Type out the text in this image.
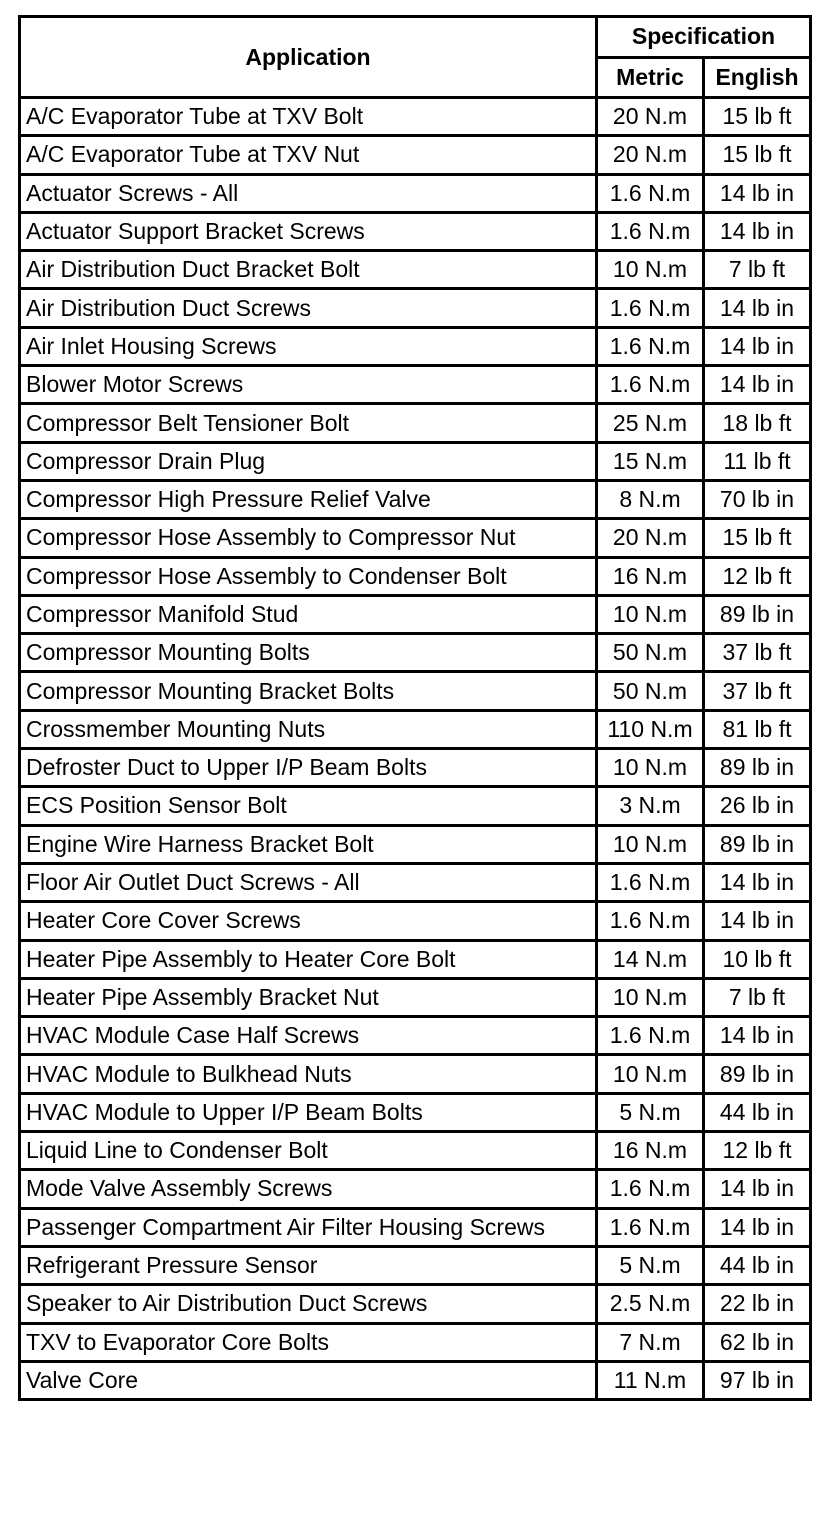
Application	Specification	
	Metric	English
A/C Evaporator Tube at TXV Bolt	20 N.m	15 lb ft
A/C Evaporator Tube at TXV Nut	20 N.m	15 lb ft
Actuator Screws - All	1.6 N.m	14 lb in
Actuator Support Bracket Screws	1.6 N.m	14 lb in
Air Distribution Duct Bracket Bolt	10 N.m	7 lb ft
Air Distribution Duct Screws	1.6 N.m	14 lb in
Air Inlet Housing Screws	1.6 N.m	14 lb in
Blower Motor Screws	1.6 N.m	14 lb in
Compressor Belt Tensioner Bolt	25 N.m	18 lb ft
Compressor Drain Plug	15 N.m	11 lb ft
Compressor High Pressure Relief Valve	8 N.m	70 lb in
Compressor Hose Assembly to Compressor Nut	20 N.m	15 lb ft
Compressor Hose Assembly to Condenser Bolt	16 N.m	12 lb ft
Compressor Manifold Stud	10 N.m	89 lb in
Compressor Mounting Bolts	50 N.m	37 lb ft
Compressor Mounting Bracket Bolts	50 N.m	37 lb ft
Crossmember Mounting Nuts	110 N.m	81 lb ft
Defroster Duct to Upper I/P Beam Bolts	10 N.m	89 lb in
ECS Position Sensor Bolt	3 N.m	26 lb in
Engine Wire Harness Bracket Bolt	10 N.m	89 lb in
Floor Air Outlet Duct Screws - All	1.6 N.m	14 lb in
Heater Core Cover Screws	1.6 N.m	14 lb in
Heater Pipe Assembly to Heater Core Bolt	14 N.m	10 lb ft
Heater Pipe Assembly Bracket Nut	10 N.m	7 lb ft
HVAC Module Case Half Screws	1.6 N.m	14 lb in
HVAC Module to Bulkhead Nuts	10 N.m	89 lb in
HVAC Module to Upper I/P Beam Bolts	5 N.m	44 lb in
Liquid Line to Condenser Bolt	16 N.m	12 lb ft
Mode Valve Assembly Screws	1.6 N.m	14 lb in
Passenger Compartment Air Filter Housing Screws	1.6 N.m	14 lb in
Refrigerant Pressure Sensor	5 N.m	44 lb in
Speaker to Air Distribution Duct Screws	2.5 N.m	22 lb in
TXV to Evaporator Core Bolts	7 N.m	62 lb in
Valve Core	11 N.m	97 lb in
